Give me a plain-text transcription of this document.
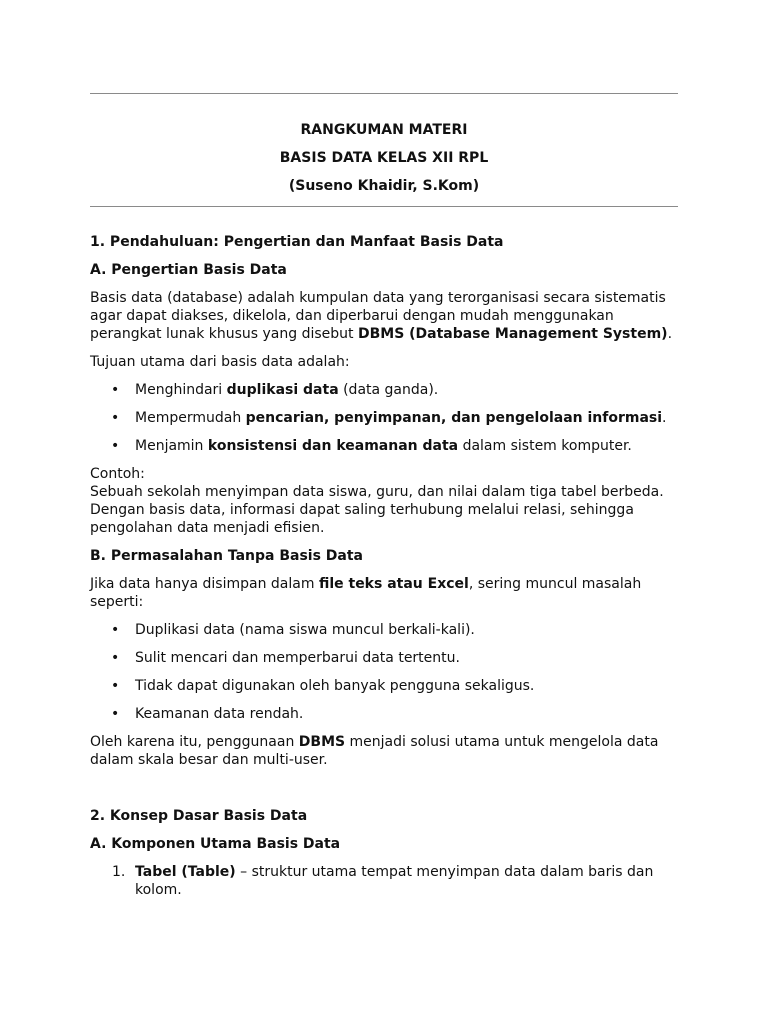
RANGKUMAN MATERI
BASIS DATA KELAS XII RPL
(Suseno Khaidir, S.Kom)
1. Pendahuluan: Pengertian dan Manfaat Basis Data
A. Pengertian Basis Data
Basis data (database) adalah kumpulan data yang terorganisasi secara sistematis agar dapat diakses, dikelola, dan diperbarui dengan mudah menggunakan perangkat lunak khusus yang disebut DBMS (Database Management System).
Tujuan utama dari basis data adalah:
• Menghindari duplikasi data (data ganda).
• Mempermudah pencarian, penyimpanan, dan pengelolaan informasi.
• Menjamin konsistensi dan keamanan data dalam sistem komputer.
Contoh:
Sebuah sekolah menyimpan data siswa, guru, dan nilai dalam tiga tabel berbeda. Dengan basis data, informasi dapat saling terhubung melalui relasi, sehingga pengolahan data menjadi efisien.
B. Permasalahan Tanpa Basis Data
Jika data hanya disimpan dalam file teks atau Excel, sering muncul masalah seperti:
• Duplikasi data (nama siswa muncul berkali-kali).
• Sulit mencari dan memperbarui data tertentu.
• Tidak dapat digunakan oleh banyak pengguna sekaligus.
• Keamanan data rendah.
Oleh karena itu, penggunaan DBMS menjadi solusi utama untuk mengelola data dalam skala besar dan multi-user.
2. Konsep Dasar Basis Data
A. Komponen Utama Basis Data
1. Tabel (Table) – struktur utama tempat menyimpan data dalam baris dan kolom.
